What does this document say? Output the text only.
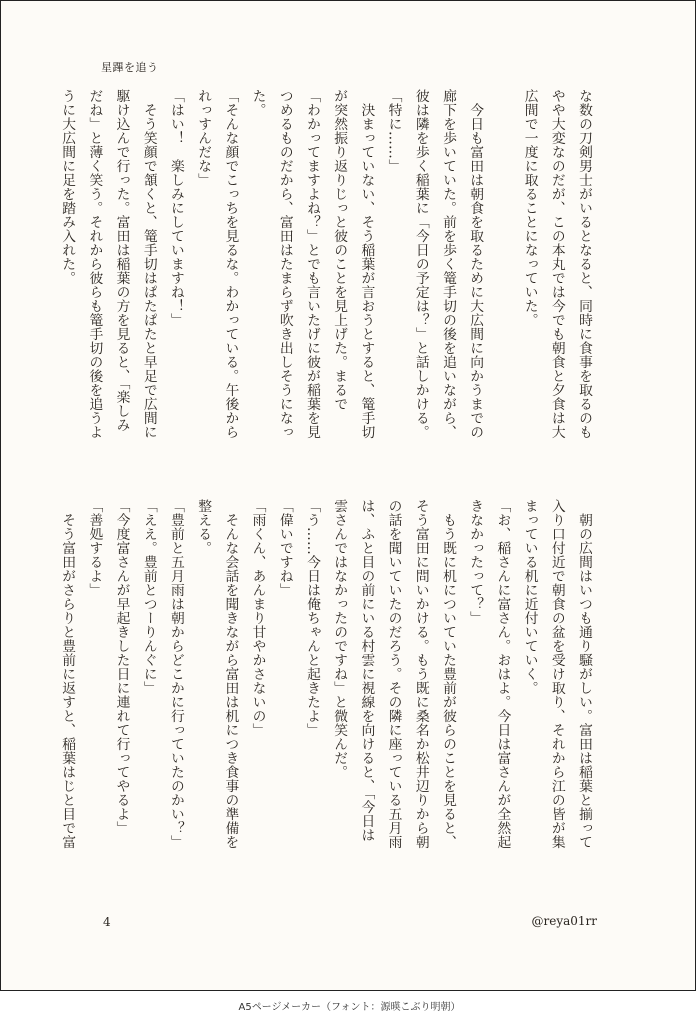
星蹕を追う
な数の刀剣男士がいるとなると、同時に食事を取るのも
やや大変なのだが、この本丸では今でも朝食と夕食は大
広間で一度に取ることになっていた。

　今日も富田は朝食を取るために大広間に向かうまでの
廊下を歩いていた。前を歩く篭手切の後を追いながら、
彼は隣を歩く稲葉に「今日の予定は？」と話しかける。
「特に……」
　決まっていない、そう稲葉が言おうとすると、篭手切
が突然振り返りじっと彼のことを見上げた。まるで
「わかってますよね？」とでも言いたげに彼が稲葉を見
つめるものだから、富田はたまらず吹き出しそうになっ
た。
「そんな顔でこっちを見るな。わかっている。午後から
れっすんだな」
「はい！　楽しみにしていますね！」
　そう笑顔で頷くと、篭手切はぱたぱたと早足で広間に
駆け込んで行った。富田は稲葉の方を見ると、「楽しみ
だね」と薄く笑う。それから彼らも篭手切の後を追うよ
うに大広間に足を踏み入れた。
　朝の広間はいつも通り騒がしい。富田は稲葉と揃って
入り口付近で朝食の盆を受け取り、それから江の皆が集
まっている机に近付いていく。
「お、稲さんに富さん。おはよ。今日は富さんが全然起
きなかったって？」
　もう既に机についていた豊前が彼らのことを見ると、
そう富田に問いかける。もう既に桑名か松井辺りから朝
の話を聞いていたのだろう。その隣に座っている五月雨
は、ふと目の前にいる村雲に視線を向けると、「今日は
雲さんではなかったのですね」と微笑んだ。
「う……今日は俺ちゃんと起きたよ」
「偉いですね」
「雨くん、あんまり甘やかさないの」
　そんな会話を聞きながら富田は机につき食事の準備を
整える。
「豊前と五月雨は朝からどこかに行っていたのかい？」
「ええ。豊前とつーりんぐに」
「今度富さんが早起きした日に連れて行ってやるよ」
「善処するよ」
　そう富田がさらりと豊前に返すと、稲葉はじと目で富
4	@reya01rr
A5ページメーカー（フォント：源暎こぶり明朝）
